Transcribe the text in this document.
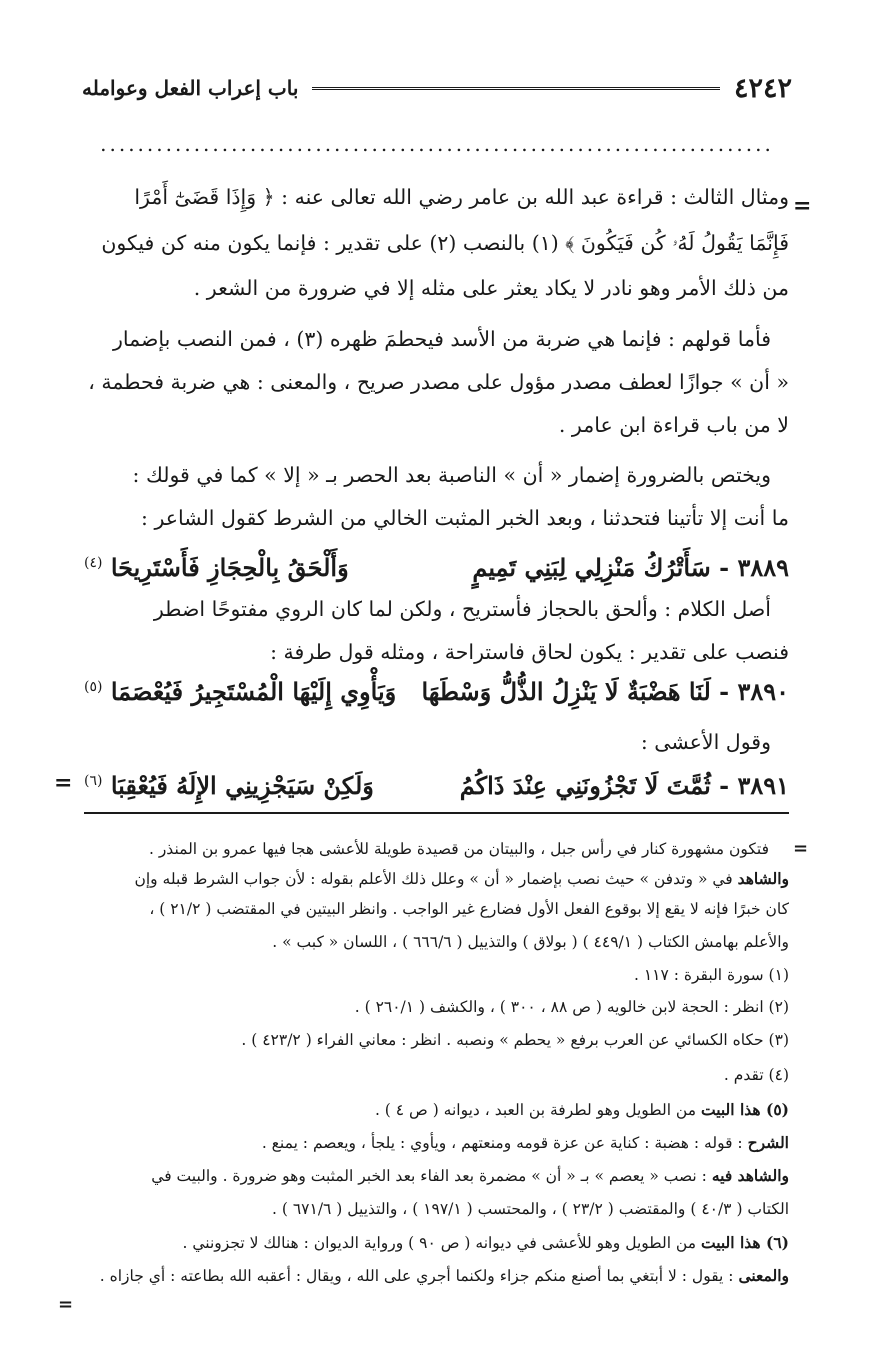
٤٢٤٢
باب إعراب الفعل وعوامله
........................................................................
=
=
ومثال الثالث : قراءة عبد الله بن عامر رضي الله تعالى عنه : ﴿ وَإِذَا قَضَىٰٓ أَمْرًا
فَإِنَّمَا يَقُولُ لَهُۥ كُن فَيَكُونَ ﴾ (١) بالنصب (٢) على تقدير : فإنما يكون منه كن فيكون
من ذلك الأمر وهو نادر لا يكاد يعثر على مثله إلا في ضرورة من الشعر .
فأما قولهم : فإنما هي ضربة من الأسد فيحطمَ ظهره (٣) ، فمن النصب بإضمار
« أن » جوازًا لعطف مصدر مؤول على مصدر صريح ، والمعنى : هي ضربة فحطمة ،
لا من باب قراءة ابن عامر .
ويختص بالضرورة إضمار « أن » الناصبة بعد الحصر بـ « إلا » كما في قولك :
ما أنت إلا تأتينا فتحدثنا ، وبعد الخبر المثبت الخالي من الشرط كقول الشاعر :
أصل الكلام : وألحق بالحجاز فأستريح ، ولكن لما كان الروي مفتوحًا اضطر
فنصب على تقدير : يكون لحاق فاستراحة ، ومثله قول طرفة :
وقول الأعشى :
٣٨٨٩ - سَأَتْرُكُ مَنْزِلِي لِبَنِي تَمِيمٍ
وَأَلْحَقُ بِالْحِجَازِ فَأَسْتَرِيحَا $^{(٤)}$
٣٨٩٠ - لَنَا هَضْبَةٌ لَا يَنْزِلُ الذُّلُّ وَسْطَهَا
وَيَأْوِي إِلَيْهَا الْمُسْتَجِيرُ فَيُعْصَمَا $^{(٥)}$
٣٨٩١ - ثُمَّتَ لَا تَجْزُونَنِي عِنْدَ ذَاكُمُ
وَلَكِنْ سَيَجْزِينِي الإِلَهُ فَيُعْقِبَا $^{(٦)}$
=
=
فتكون مشهورة كنار في رأس جبل ، والبيتان من قصيدة طويلة للأعشى هجا فيها عمرو بن المنذر .
والشاهد في « وتدفن » حيث نصب بإضمار « أن » وعلل ذلك الأعلم بقوله : لأن جواب الشرط قبله وإن
كان خبرًا فإنه لا يقع إلا بوقوع الفعل الأول فضارع غير الواجب . وانظر البيتين في المقتضب ( ٢١/٢ ) ،
والأعلم بهامش الكتاب ( ٤٤٩/١ ) ( بولاق ) والتذييل ( ٦٦٦/٦ ) ، اللسان « كبب » .
(١) سورة البقرة : ١١٧ .
(٢) انظر : الحجة لابن خالويه ( ص ٨٨ ، ٣٠٠ ) ، والكشف ( ٢٦٠/١ ) .
(٣) حكاه الكسائي عن العرب برفع « يحطم » ونصبه . انظر : معاني الفراء ( ٤٢٣/٢ ) .
(٤) تقدم .
(٥) هذا البيت من الطويل وهو لطرفة بن العبد ، ديوانه ( ص ٤ ) .
الشرح : قوله : هضبة : كناية عن عزة قومه ومنعتهم ، ويأوي : يلجأ ، ويعصم : يمنع .
والشاهد فيه : نصب « يعصم » بـ « أن » مضمرة بعد الفاء بعد الخبر المثبت وهو ضرورة . والبيت في
الكتاب ( ٤٠/٣ ) والمقتضب ( ٢٣/٢ ) ، والمحتسب ( ١٩٧/١ ) ، والتذييل ( ٦٧١/٦ ) .
(٦) هذا البيت من الطويل وهو للأعشى في ديوانه ( ص ٩٠ ) ورواية الديوان : هنالك لا تجزونني .
والمعنى : يقول : لا أبتغي بما أصنع منكم جزاء ولكنما أجري على الله ، ويقال : أعقبه الله بطاعته : أي جازاه .
